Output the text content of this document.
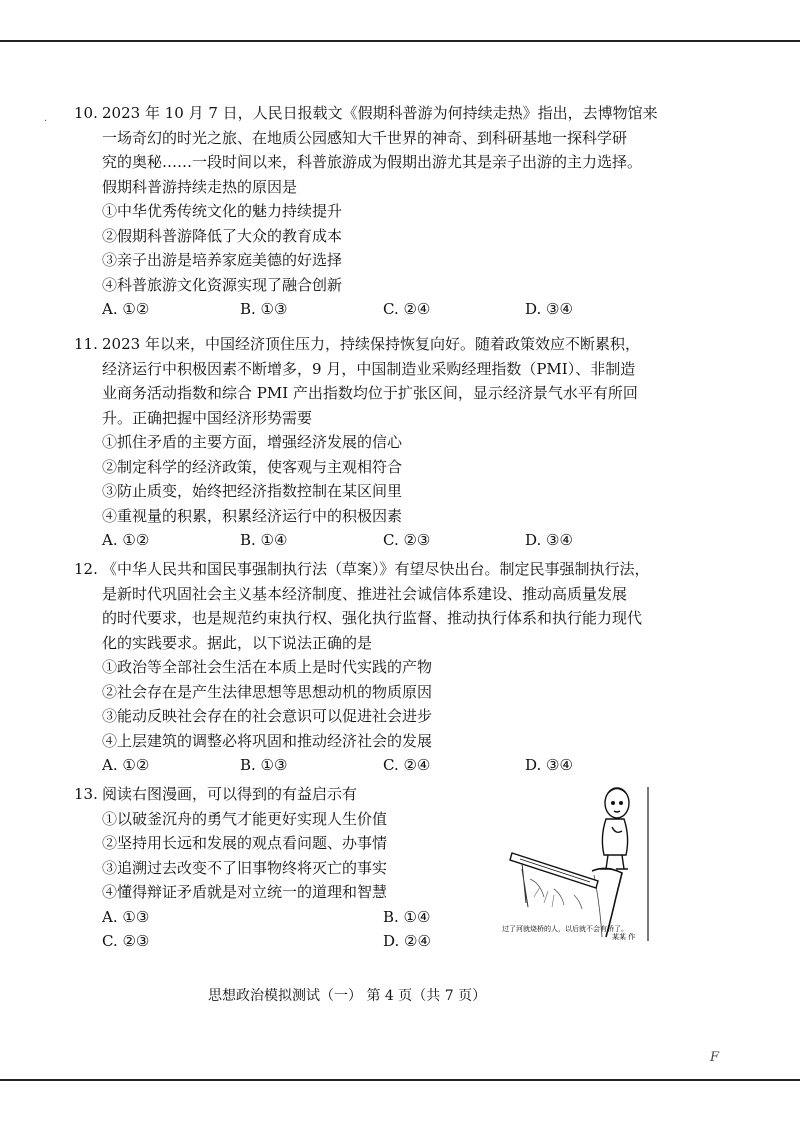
· 10. 2023 年 10 月 7 日，人民日报载文《假期科普游为何持续走热》指出，去博物馆来
一场奇幻的时光之旅、在地质公园感知大千世界的神奇、到科研基地一探科学研
究的奥秘……一段时间以来，科普旅游成为假期出游尤其是亲子出游的主力选择。
假期科普游持续走热的原因是
①中华优秀传统文化的魅力持续提升
②假期科普游降低了大众的教育成本
③亲子出游是培养家庭美德的好选择
④科普旅游文化资源实现了融合创新
A. ①②	B. ①③	C. ②④	D. ③④
11. 2023 年以来，中国经济顶住压力，持续保持恢复向好。随着政策效应不断累积，
经济运行中积极因素不断增多，9 月，中国制造业采购经理指数（PMI）、非制造
业商务活动指数和综合 PMI 产出指数均位于扩张区间，显示经济景气水平有所回
升。正确把握中国经济形势需要
①抓住矛盾的主要方面，增强经济发展的信心
②制定科学的经济政策，使客观与主观相符合
③防止质变，始终把经济指数控制在某区间里
④重视量的积累，积累经济运行中的积极因素
A. ①②	B. ①④	C. ②③	D. ③④
12. 《中华人民共和国民事强制执行法（草案）》有望尽快出台。制定民事强制执行法，
是新时代巩固社会主义基本经济制度、推进社会诚信体系建设、推动高质量发展
的时代要求，也是规范约束执行权、强化执行监督、推动执行体系和执行能力现代
化的实践要求。据此，以下说法正确的是
①政治等全部社会生活在本质上是时代实践的产物
②社会存在是产生法律思想等思想动机的物质原因
③能动反映社会存在的社会意识可以促进社会进步
④上层建筑的调整必将巩固和推动经济社会的发展
A. ①②	B. ①③	C. ②④	D. ③④
13. 阅读右图漫画，可以得到的有益启示有
①以破釜沉舟的勇气才能更好实现人生价值
②坚持用长远和发展的观点看问题、办事情
③追溯过去改变不了旧事物终将灭亡的事实
④懂得辩证矛盾就是对立统一的道理和智慧
A. ①③	B. ①④
C. ②③	D. ②④
过了河就烧桥的人，以后就不会有桥了。
某某 作
思想政治模拟测试（一） 第 4 页（共 7 页）
F
